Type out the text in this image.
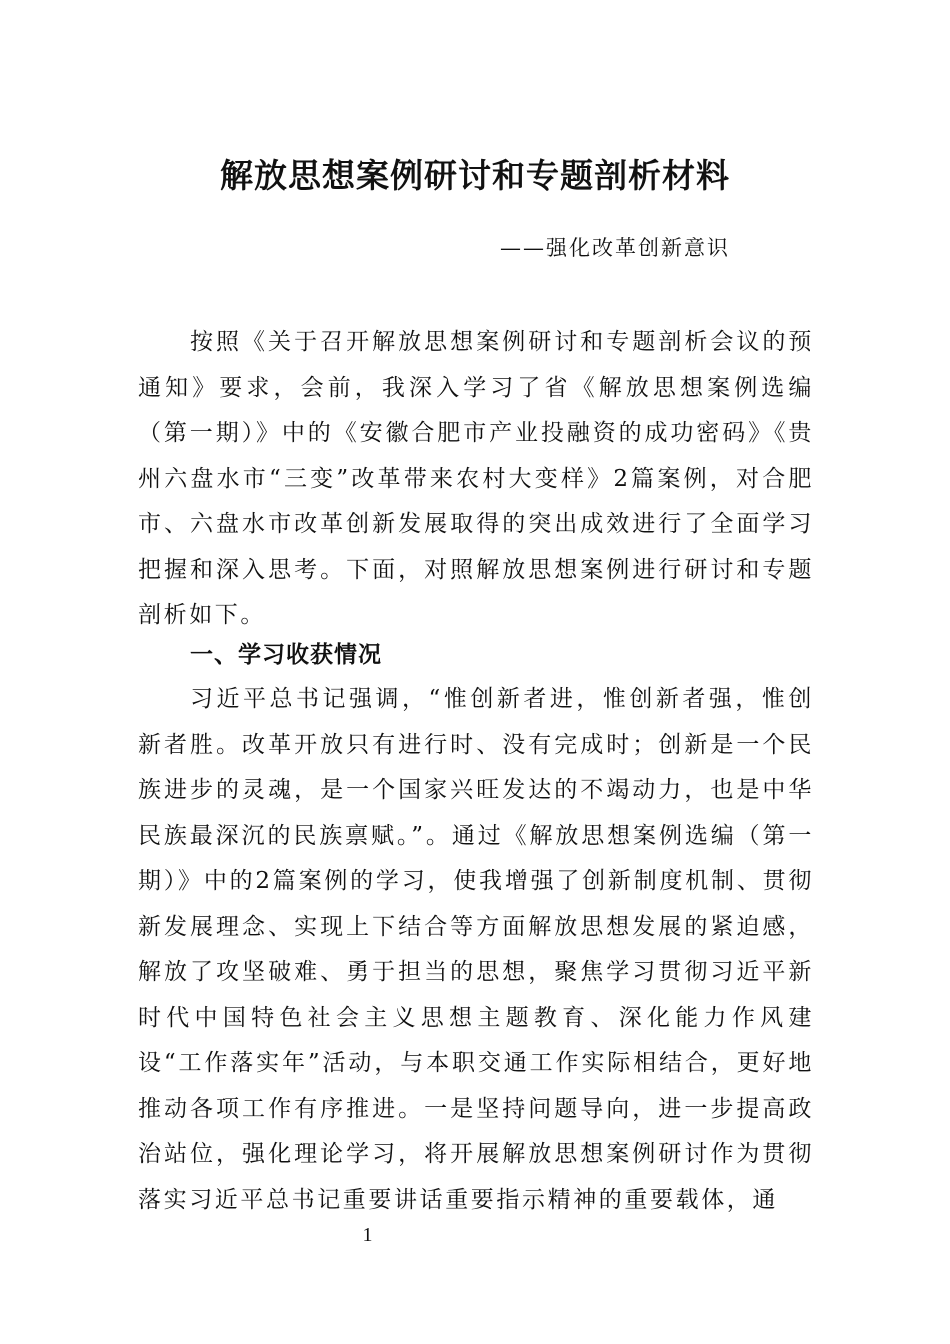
解放思想案例研讨和专题剖析材料
——强化改革创新意识

按照《关于召开解放思想案例研讨和专题剖析会议的预通知》要求，会前，我深入学习了省《解放思想案例选编（第一期）》中的《安徽合肥市产业投融资的成功密码》《贵州六盘水市“三变”改革带来农村大变样》2篇案例，对合肥市、六盘水市改革创新发展取得的突出成效进行了全面学习把握和深入思考。下面，对照解放思想案例进行研讨和专题剖析如下。

一、学习收获情况

习近平总书记强调，“惟创新者进，惟创新者强，惟创新者胜。改革开放只有进行时、没有完成时；创新是一个民族进步的灵魂，是一个国家兴旺发达的不竭动力，也是中华民族最深沉的民族禀赋。”。通过《解放思想案例选编（第一期）》中的2篇案例的学习，使我增强了创新制度机制、贯彻新发展理念、实现上下结合等方面解放思想发展的紧迫感，解放了攻坚破难、勇于担当的思想，聚焦学习贯彻习近平新时代中国特色社会主义思想主题教育、深化能力作风建设“工作落实年”活动，与本职交通工作实际相结合，更好地推动各项工作有序推进。一是坚持问题导向，进一步提高政治站位，强化理论学习，将开展解放思想案例研讨作为贯彻落实习近平总书记重要讲话重要指示精神的重要载体，通

1
